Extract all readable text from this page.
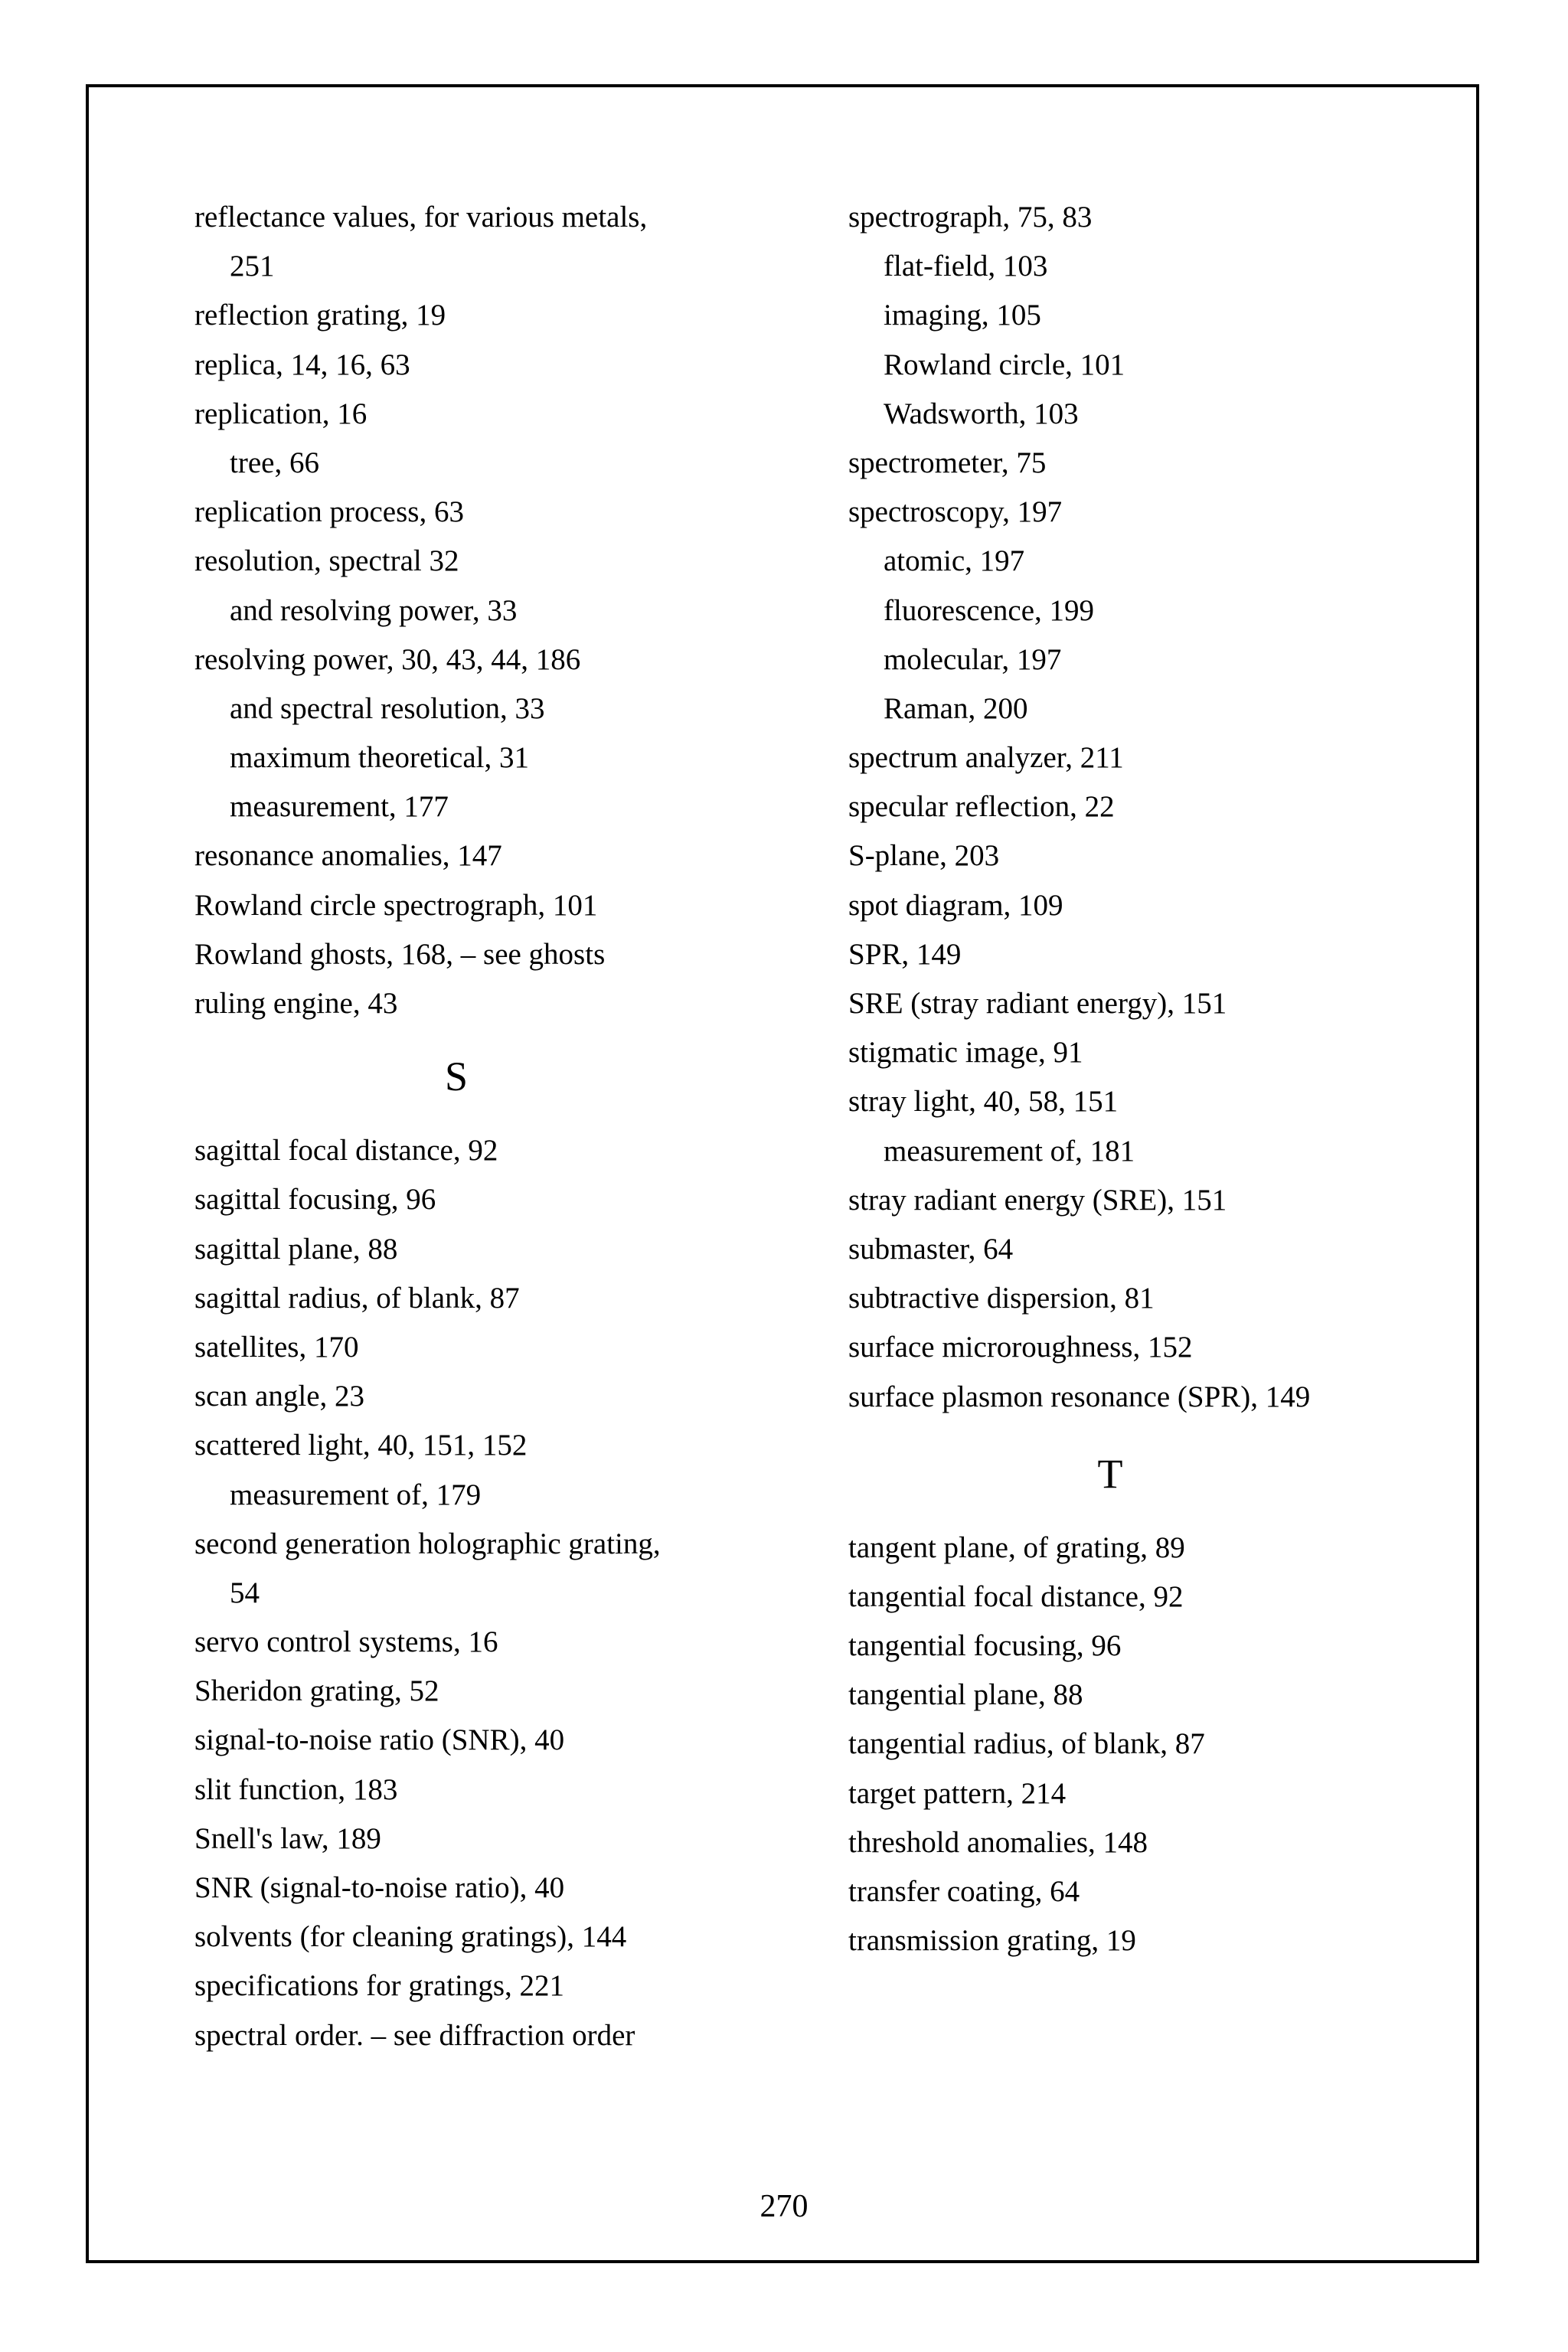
reflectance values, for various metals,
251
reflection grating, 19
replica, 14, 16, 63
replication, 16
tree, 66
replication process, 63
resolution, spectral 32
and resolving power, 33
resolving power, 30, 43, 44, 186
and spectral resolution, 33
maximum theoretical, 31
measurement, 177
resonance anomalies, 147
Rowland circle spectrograph, 101
Rowland ghosts, 168, – see ghosts
ruling engine, 43
S
sagittal focal distance, 92
sagittal focusing, 96
sagittal plane, 88
sagittal radius, of blank, 87
satellites, 170
scan angle, 23
scattered light, 40, 151, 152
measurement of, 179
second generation holographic grating,
54
servo control systems, 16
Sheridon grating, 52
signal-to-noise ratio (SNR), 40
slit function, 183
Snell's law, 189
SNR (signal-to-noise ratio), 40
solvents (for cleaning gratings), 144
specifications for gratings, 221
spectral order. – see diffraction order
spectrograph, 75, 83
flat-field, 103
imaging, 105
Rowland circle, 101
Wadsworth, 103
spectrometer, 75
spectroscopy, 197
atomic, 197
fluorescence, 199
molecular, 197
Raman, 200
spectrum analyzer, 211
specular reflection, 22
S-plane, 203
spot diagram, 109
SPR, 149
SRE (stray radiant energy), 151
stigmatic image, 91
stray light, 40, 58, 151
measurement of, 181
stray radiant energy (SRE), 151
submaster, 64
subtractive dispersion, 81
surface microroughness, 152
surface plasmon resonance (SPR), 149
T
tangent plane, of grating, 89
tangential focal distance, 92
tangential focusing, 96
tangential plane, 88
tangential radius, of blank, 87
target pattern, 214
threshold anomalies, 148
transfer coating, 64
transmission grating, 19
270
